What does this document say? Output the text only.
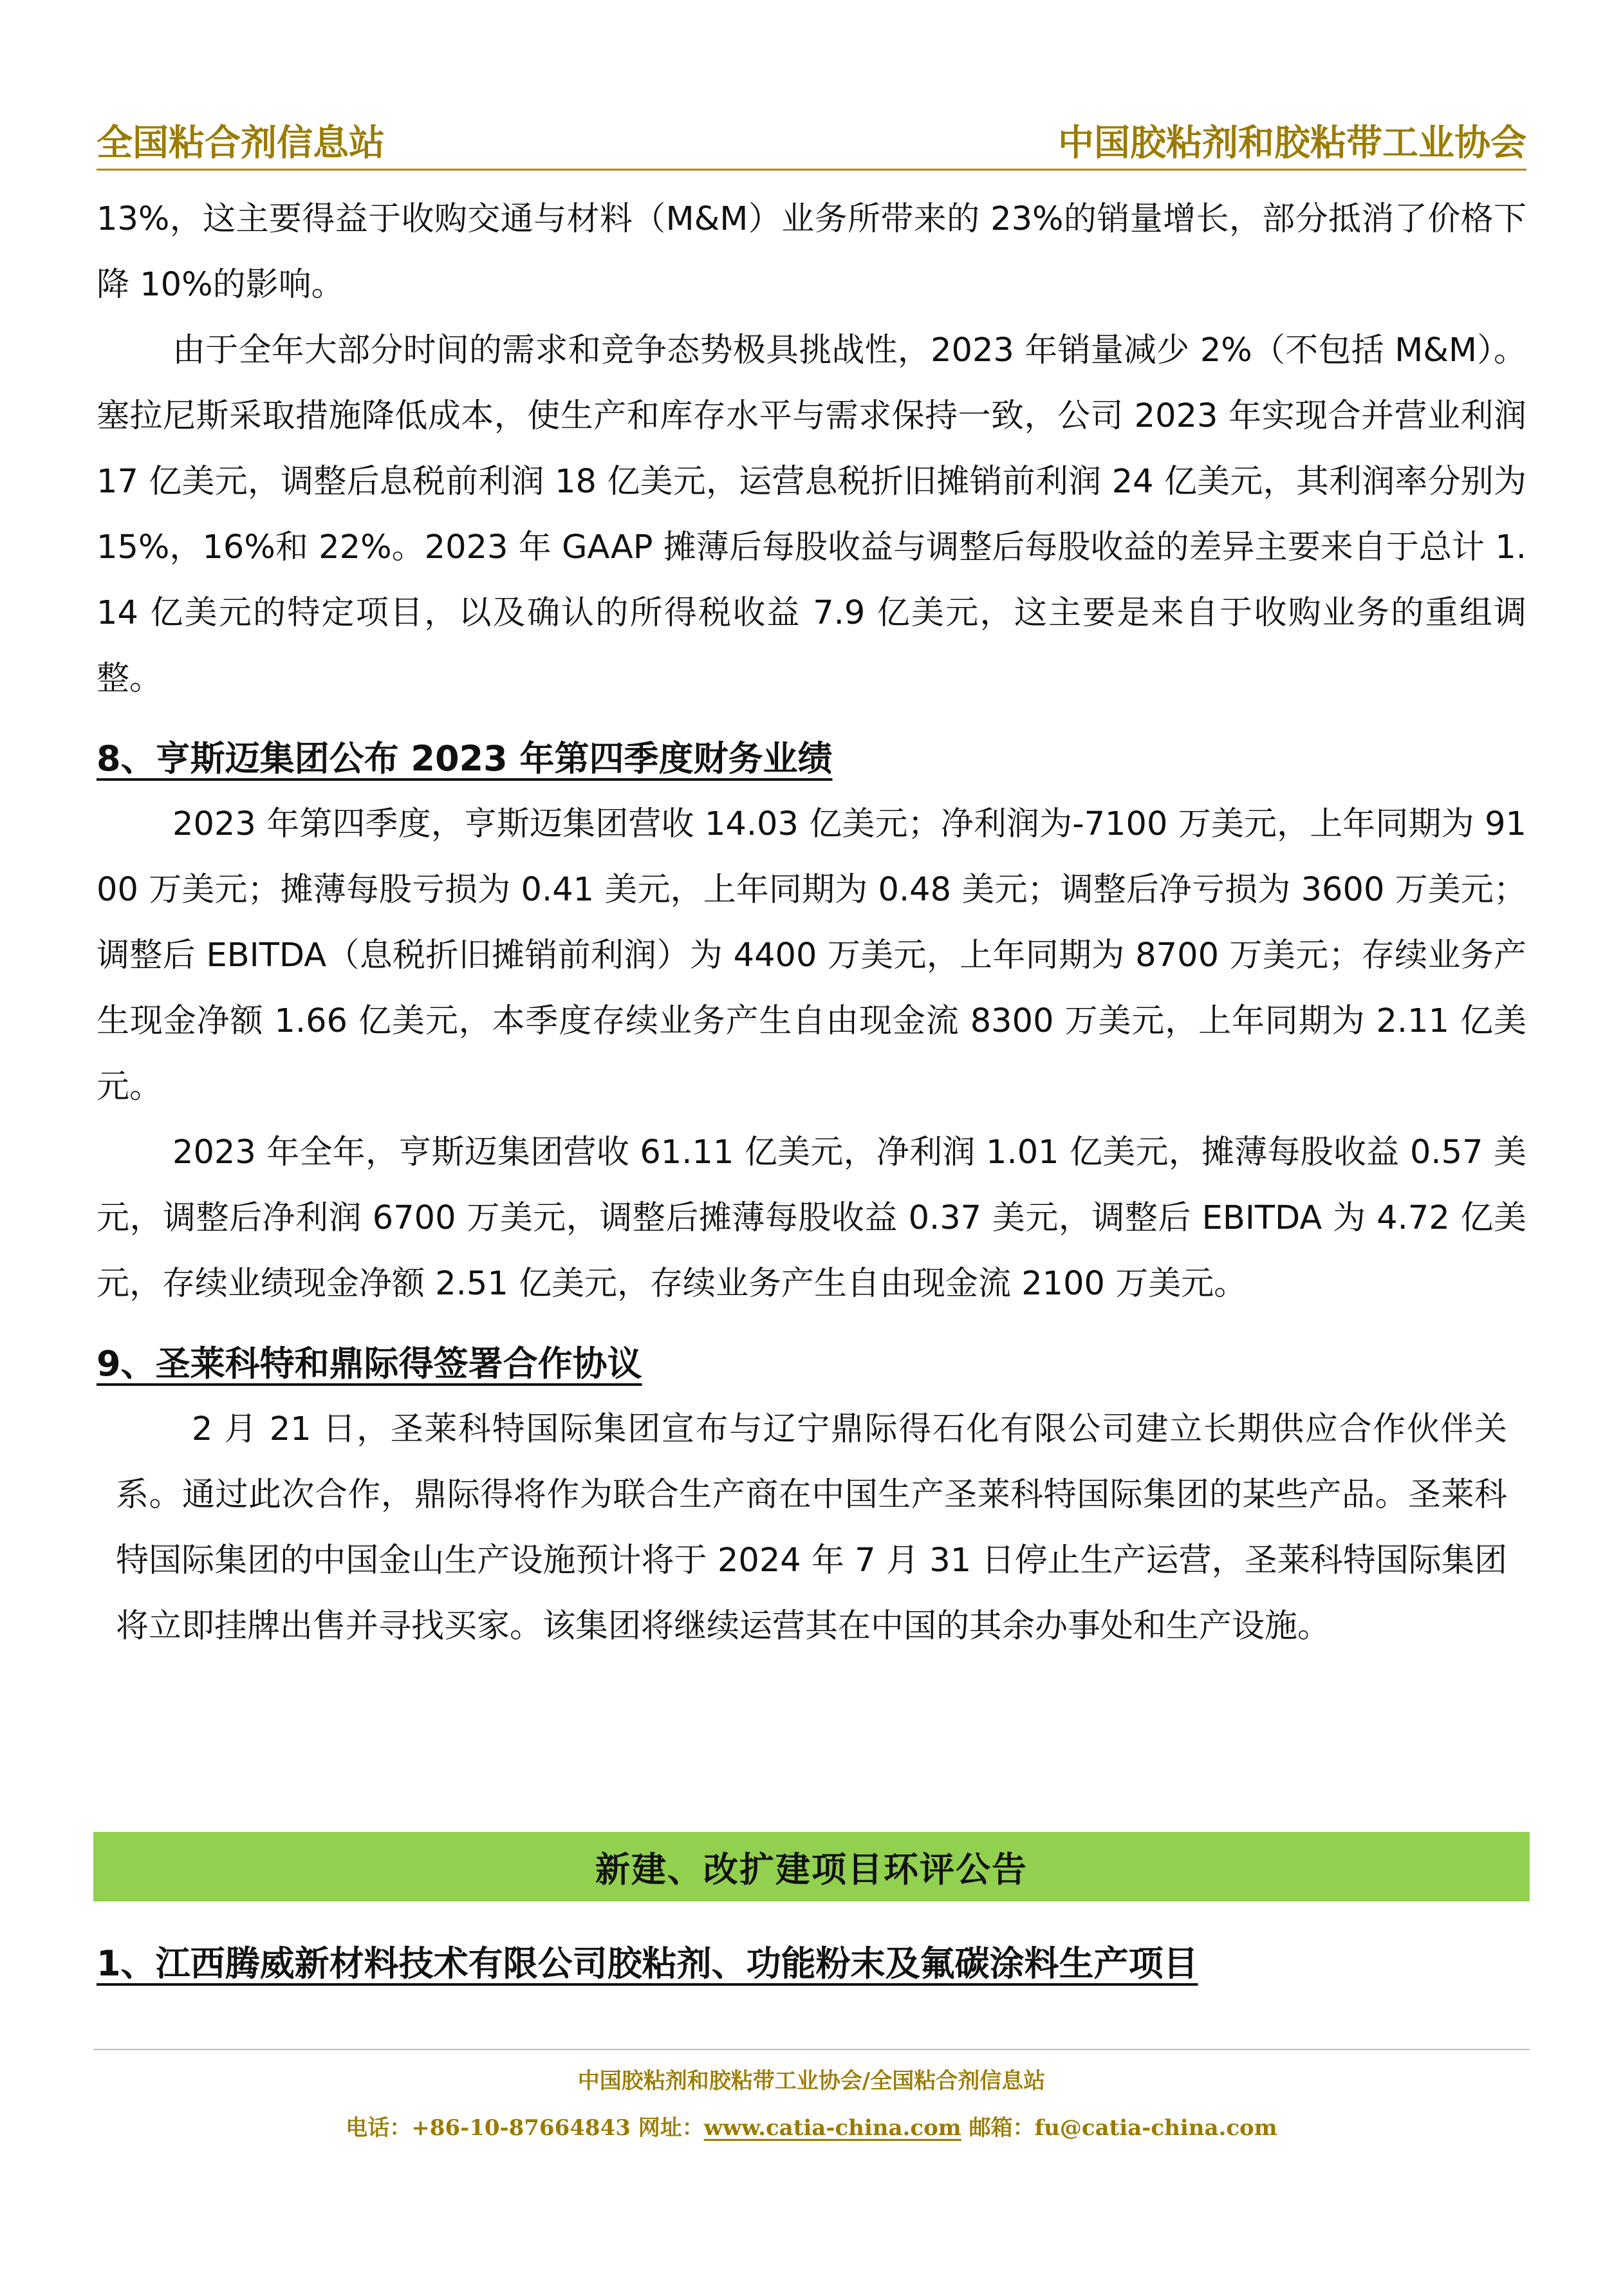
全国粘合剂信息站	中国胶粘剂和胶粘带工业协会

13%，这主要得益于收购交通与材料（M&M）业务所带来的 23%的销量增长，部分抵消了价格下降 10%的影响。

由于全年大部分时间的需求和竞争态势极具挑战性，2023 年销量减少 2%（不包括 M&M）。塞拉尼斯采取措施降低成本，使生产和库存水平与需求保持一致，公司 2023 年实现合并营业利润 17 亿美元，调整后息税前利润 18 亿美元，运营息税折旧摊销前利润 24 亿美元，其利润率分别为 15%，16%和 22%。2023 年 GAAP 摊薄后每股收益与调整后每股收益的差异主要来自于总计 1.14 亿美元的特定项目，以及确认的所得税收益 7.9 亿美元，这主要是来自于收购业务的重组调整。

8、亨斯迈集团公布 2023 年第四季度财务业绩

2023 年第四季度，亨斯迈集团营收 14.03 亿美元；净利润为-7100 万美元，上年同期为 9100 万美元；摊薄每股亏损为 0.41 美元，上年同期为 0.48 美元；调整后净亏损为 3600 万美元；调整后 EBITDA（息税折旧摊销前利润）为 4400 万美元，上年同期为 8700 万美元；存续业务产生现金净额 1.66 亿美元，本季度存续业务产生自由现金流 8300 万美元，上年同期为 2.11 亿美元。

2023 年全年，亨斯迈集团营收 61.11 亿美元，净利润 1.01 亿美元，摊薄每股收益 0.57 美元，调整后净利润 6700 万美元，调整后摊薄每股收益 0.37 美元，调整后 EBITDA 为 4.72 亿美元，存续业绩现金净额 2.51 亿美元，存续业务产生自由现金流 2100 万美元。

9、圣莱科特和鼎际得签署合作协议

2 月 21 日，圣莱科特国际集团宣布与辽宁鼎际得石化有限公司建立长期供应合作伙伴关系。通过此次合作，鼎际得将作为联合生产商在中国生产圣莱科特国际集团的某些产品。圣莱科特国际集团的中国金山生产设施预计将于 2024 年 7 月 31 日停止生产运营，圣莱科特国际集团将立即挂牌出售并寻找买家。该集团将继续运营其在中国的其余办事处和生产设施。

新建、改扩建项目环评公告

1、江西腾威新材料技术有限公司胶粘剂、功能粉末及氟碳涂料生产项目

中国胶粘剂和胶粘带工业协会/全国粘合剂信息站
电话：+86-10-87664843 网址：www.catia-china.com 邮箱：fu@catia-china.com
